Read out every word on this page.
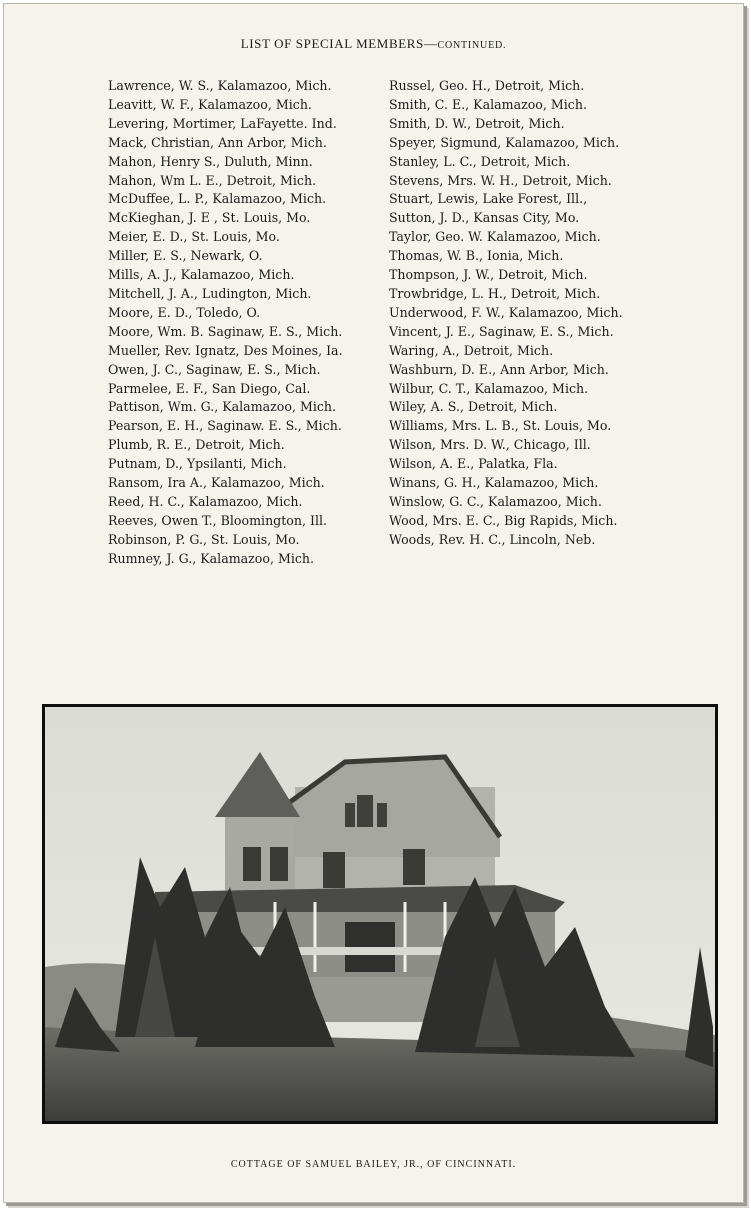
LIST OF SPECIAL MEMBERS—CONTINUED.
Lawrence, W. S., Kalamazoo, Mich.
Leavitt, W. F., Kalamazoo, Mich.
Levering, Mortimer, LaFayette. Ind.
Mack, Christian, Ann Arbor, Mich.
Mahon, Henry S., Duluth, Minn.
Mahon, Wm L. E., Detroit, Mich.
McDuffee, L. P., Kalamazoo, Mich.
McKieghan, J. E , St. Louis, Mo.
Meier, E. D., St. Louis, Mo.
Miller, E. S., Newark, O.
Mills, A. J., Kalamazoo, Mich.
Mitchell, J. A., Ludington, Mich.
Moore, E. D., Toledo, O.
Moore, Wm. B. Saginaw, E. S., Mich.
Mueller, Rev. Ignatz, Des Moines, Ia.
Owen, J. C., Saginaw, E. S., Mich.
Parmelee, E. F., San Diego, Cal.
Pattison, Wm. G., Kalamazoo, Mich.
Pearson, E. H., Saginaw. E. S., Mich.
Plumb, R. E., Detroit, Mich.
Putnam, D., Ypsilanti, Mich.
Ransom, Ira A., Kalamazoo, Mich.
Reed, H. C., Kalamazoo, Mich.
Reeves, Owen T., Bloomington, Ill.
Robinson, P. G., St. Louis, Mo.
Rumney, J. G., Kalamazoo, Mich.
Russel, Geo. H., Detroit, Mich.
Smith, C. E., Kalamazoo, Mich.
Smith, D. W., Detroit, Mich.
Speyer, Sigmund, Kalamazoo, Mich.
Stanley, L. C., Detroit, Mich.
Stevens, Mrs. W. H., Detroit, Mich.
Stuart, Lewis, Lake Forest, Ill.,
Sutton, J. D., Kansas City, Mo.
Taylor, Geo. W. Kalamazoo, Mich.
Thomas, W. B., Ionia, Mich.
Thompson, J. W., Detroit, Mich.
Trowbridge, L. H., Detroit, Mich.
Underwood, F. W., Kalamazoo, Mich.
Vincent, J. E., Saginaw, E. S., Mich.
Waring, A., Detroit, Mich.
Washburn, D. E., Ann Arbor, Mich.
Wilbur, C. T., Kalamazoo, Mich.
Wiley, A. S., Detroit, Mich.
Williams, Mrs. L. B., St. Louis, Mo.
Wilson, Mrs. D. W., Chicago, Ill.
Wilson, A. E., Palatka, Fla.
Winans, G. H., Kalamazoo, Mich.
Winslow, G. C., Kalamazoo, Mich.
Wood, Mrs. E. C., Big Rapids, Mich.
Woods, Rev. H. C., Lincoln, Neb.
COTTAGE OF SAMUEL BAILEY, JR., OF CINCINNATI.
